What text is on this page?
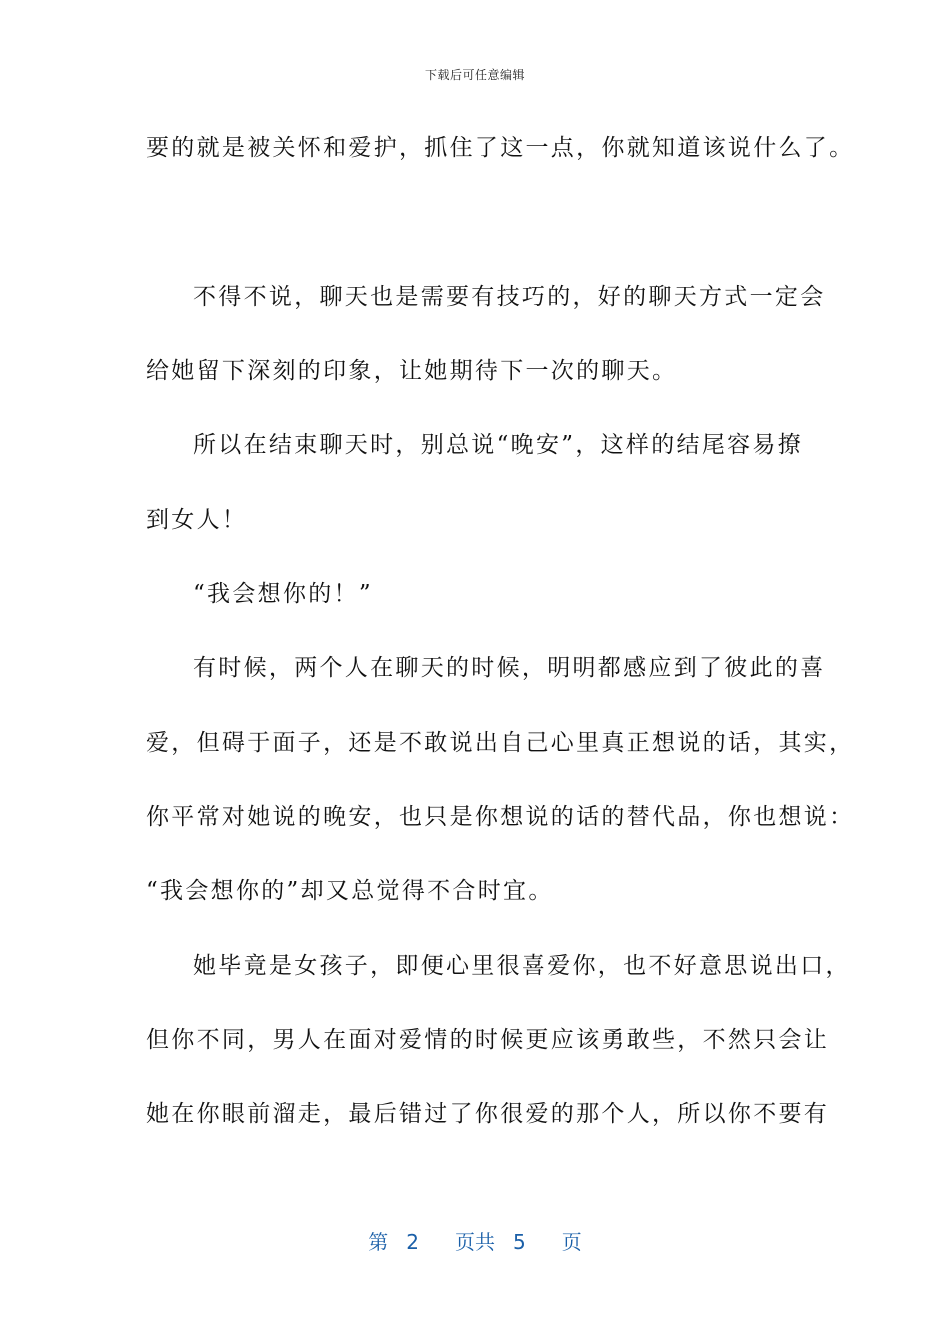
下载后可任意编辑
要的就是被关怀和爱护，抓住了这一点，你就知道该说什么了。
不得不说，聊天也是需要有技巧的，好的聊天方式一定会
给她留下深刻的印象，让她期待下一次的聊天。
所以在结束聊天时，别总说“晚安”，这样的结尾容易撩
到女人！
“我会想你的！”
有时候，两个人在聊天的时候，明明都感应到了彼此的喜
爱，但碍于面子，还是不敢说出自己心里真正想说的话，其实，
你平常对她说的晚安，也只是你想说的话的替代品，你也想说：
“我会想你的”却又总觉得不合时宜。
她毕竟是女孩子，即便心里很喜爱你，也不好意思说出口，
但你不同，男人在面对爱情的时候更应该勇敢些，不然只会让
她在你眼前溜走，最后错过了你很爱的那个人，所以你不要有
第 2 页共 5 页
